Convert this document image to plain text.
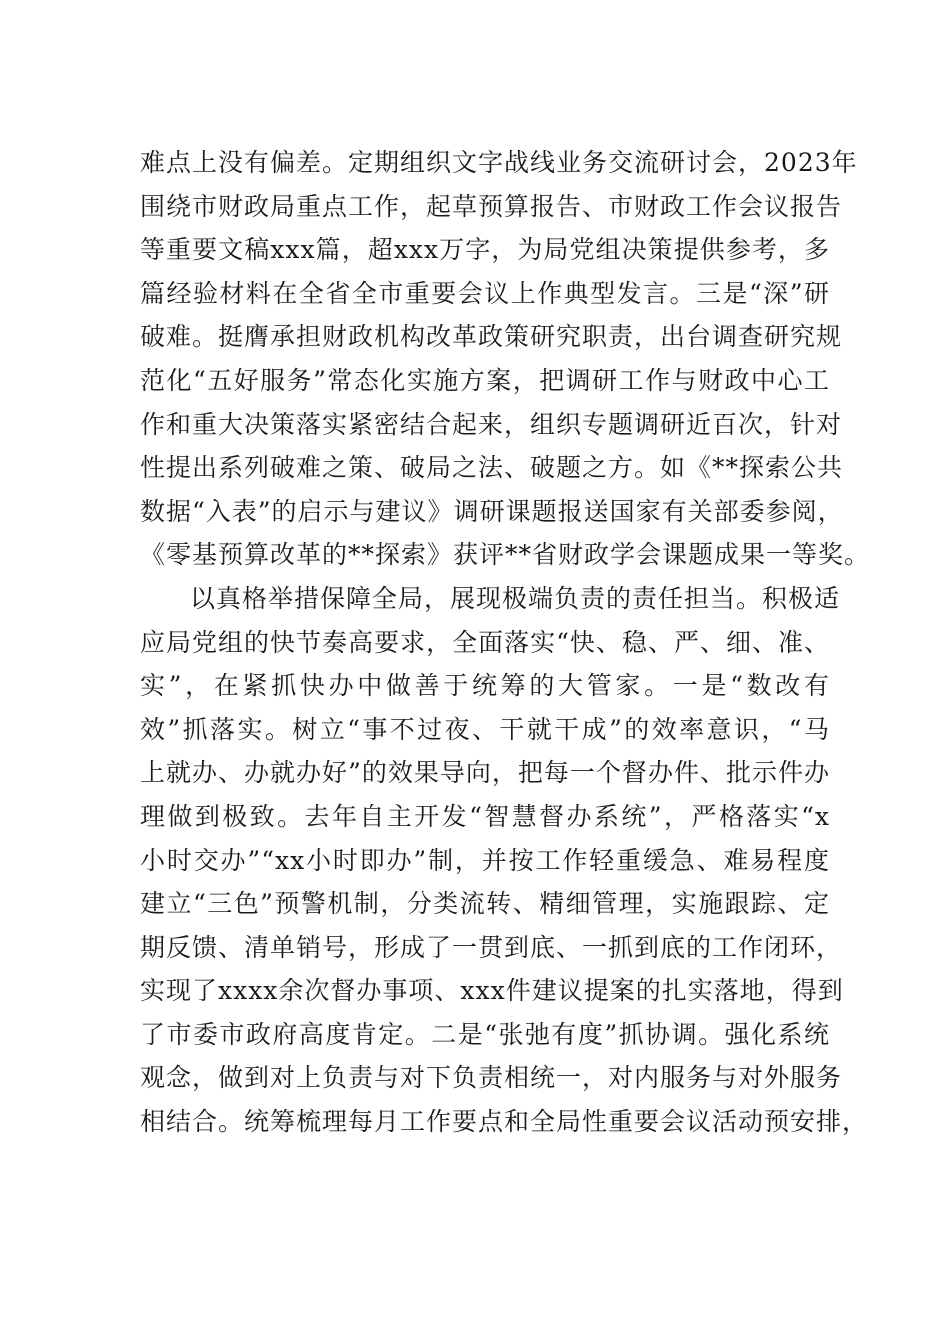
难点上没有偏差。定期组织文字战线业务交流研讨会，2023年
围绕市财政局重点工作，起草预算报告、市财政工作会议报告
等重要文稿xxx篇，超xxx万字，为局党组决策提供参考，多
篇经验材料在全省全市重要会议上作典型发言。三是“深”研
破难。挺膺承担财政机构改革政策研究职责，出台调查研究规
范化“五好服务”常态化实施方案，把调研工作与财政中心工
作和重大决策落实紧密结合起来，组织专题调研近百次，针对
性提出系列破难之策、破局之法、破题之方。如《**探索公共
数据“入表”的启示与建议》调研课题报送国家有关部委参阅，
《零基预算改革的**探索》获评**省财政学会课题成果一等奖。
以真格举措保障全局，展现极端负责的责任担当。积极适
应局党组的快节奏高要求，全面落实“快、稳、严、细、准、
实”，在紧抓快办中做善于统筹的大管家。一是“数改有
效”抓落实。树立“事不过夜、干就干成”的效率意识，“马
上就办、办就办好”的效果导向，把每一个督办件、批示件办
理做到极致。去年自主开发“智慧督办系统”，严格落实“x
小时交办”“xx小时即办”制，并按工作轻重缓急、难易程度
建立“三色”预警机制，分类流转、精细管理，实施跟踪、定
期反馈、清单销号，形成了一贯到底、一抓到底的工作闭环，
实现了xxxx余次督办事项、xxx件建议提案的扎实落地，得到
了市委市政府高度肯定。二是“张弛有度”抓协调。强化系统
观念，做到对上负责与对下负责相统一，对内服务与对外服务
相结合。统筹梳理每月工作要点和全局性重要会议活动预安排，
